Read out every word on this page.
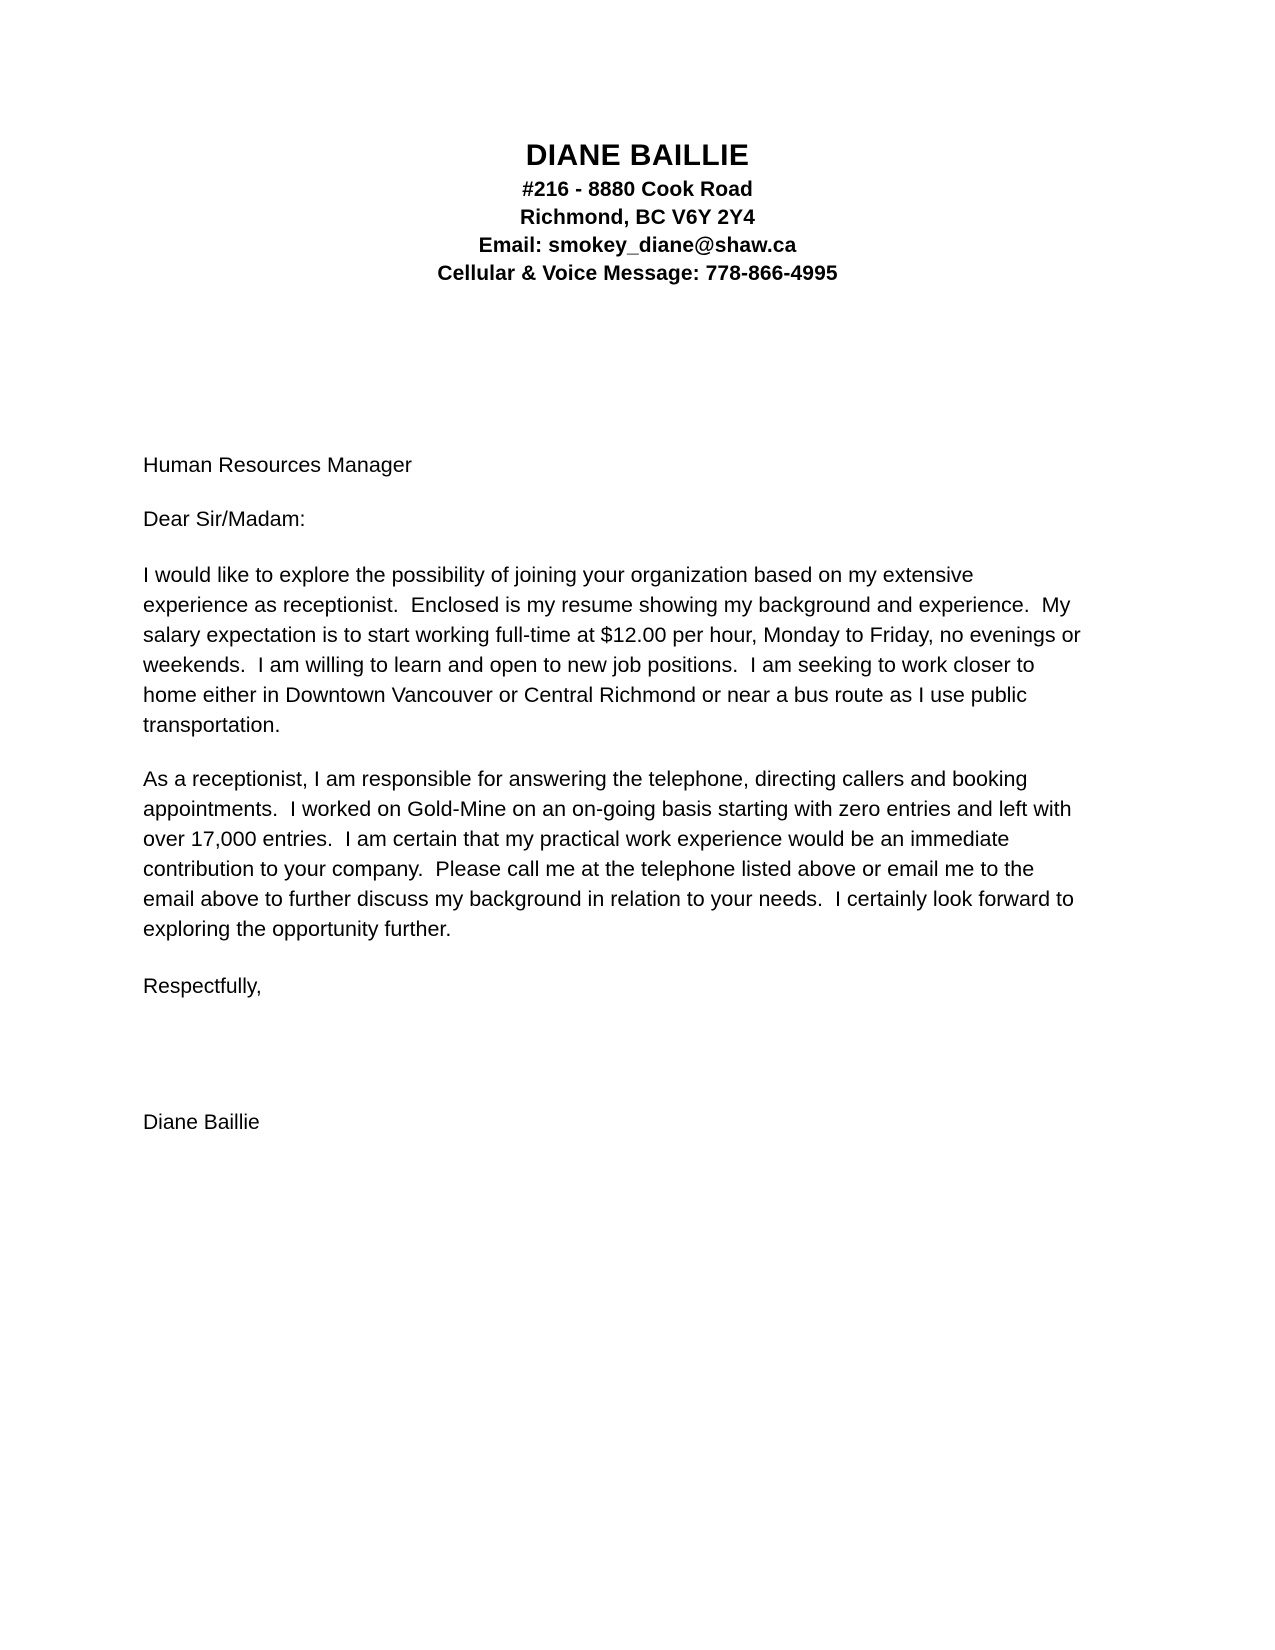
DIANE BAILLIE
#216 - 8880 Cook Road
Richmond, BC V6Y 2Y4
Email: smokey_diane@shaw.ca
Cellular & Voice Message: 778-866-4995

Human Resources Manager

Dear Sir/Madam:

I would like to explore the possibility of joining your organization based on my extensive experience as receptionist.  Enclosed is my resume showing my background and experience.  My salary expectation is to start working full-time at $12.00 per hour, Monday to Friday, no evenings or weekends.  I am willing to learn and open to new job positions.  I am seeking to work closer to home either in Downtown Vancouver or Central Richmond or near a bus route as I use public transportation.

As a receptionist, I am responsible for answering the telephone, directing callers and booking appointments.  I worked on Gold-Mine on an on-going basis starting with zero entries and left with over 17,000 entries.  I am certain that my practical work experience would be an immediate contribution to your company.  Please call me at the telephone listed above or email me to the email above to further discuss my background in relation to your needs.  I certainly look forward to exploring the opportunity further.

Respectfully,

Diane Baillie
